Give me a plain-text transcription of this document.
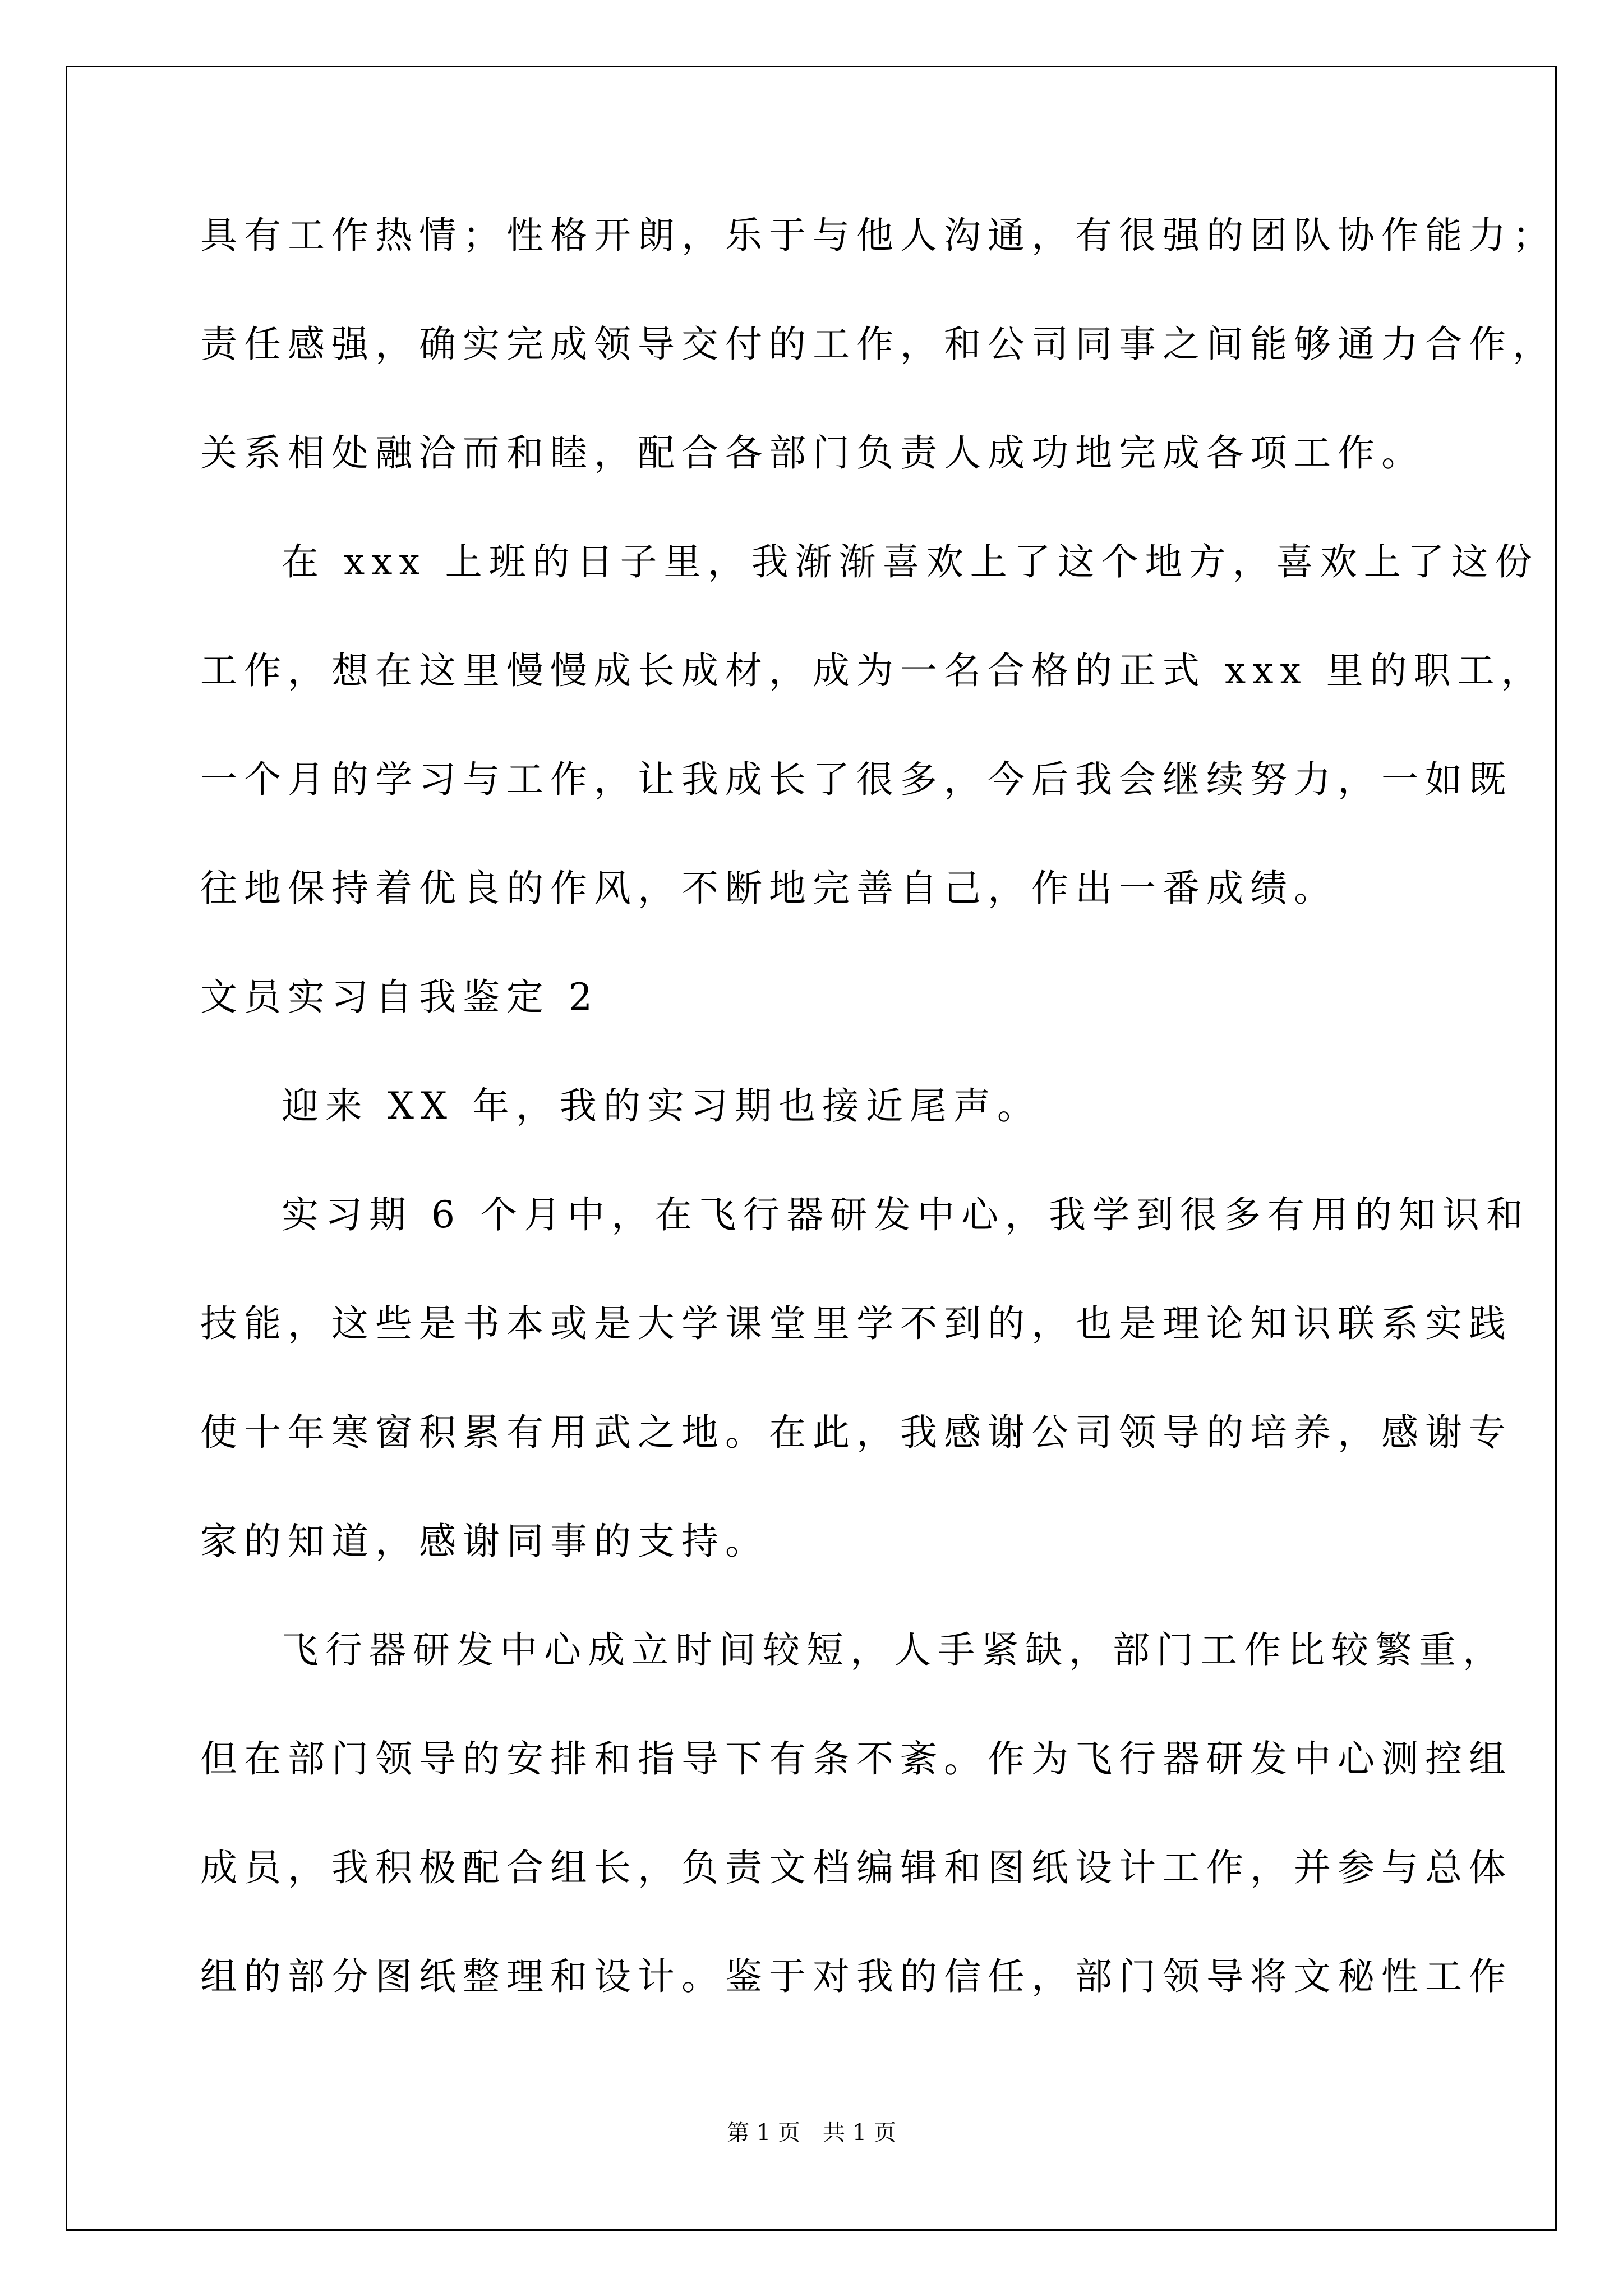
具有工作热情；性格开朗，乐于与他人沟通，有很强的团队协作能力；
责任感强，确实完成领导交付的工作，和公司同事之间能够通力合作，
关系相处融洽而和睦，配合各部门负责人成功地完成各项工作。
在 xxx 上班的日子里，我渐渐喜欢上了这个地方，喜欢上了这份
工作，想在这里慢慢成长成材，成为一名合格的正式 xxx 里的职工，
一个月的学习与工作，让我成长了很多，今后我会继续努力，一如既
往地保持着优良的作风，不断地完善自己，作出一番成绩。
文员实习自我鉴定 2
迎来 XX 年，我的实习期也接近尾声。
实习期 6 个月中，在飞行器研发中心，我学到很多有用的知识和
技能，这些是书本或是大学课堂里学不到的，也是理论知识联系实践
使十年寒窗积累有用武之地。在此，我感谢公司领导的培养，感谢专
家的知道，感谢同事的支持。
飞行器研发中心成立时间较短，人手紧缺，部门工作比较繁重，
但在部门领导的安排和指导下有条不紊。作为飞行器研发中心测控组
成员，我积极配合组长，负责文档编辑和图纸设计工作，并参与总体
组的部分图纸整理和设计。鉴于对我的信任，部门领导将文秘性工作
第 1 页 共 1 页
